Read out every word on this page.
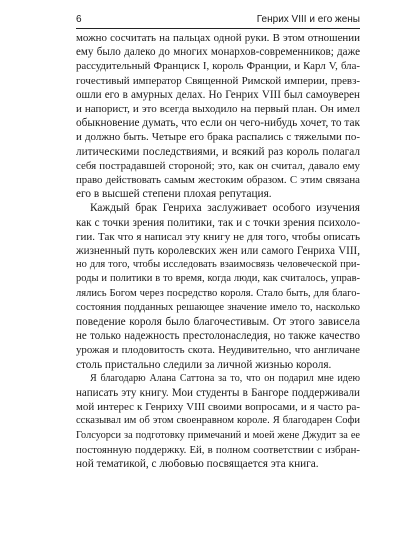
6	Генрих VIII и его жены

можно сосчитать на пальцах одной руки. В этом отношении
ему было далеко до многих монархов-современников; даже
рассудительный Франциск I, король Франции, и Карл V, бла-
гочестивый император Священной Римской империи, превз-
ошли его в амурных делах. Но Генрих VIII был самоуверен
и напорист, и это всегда выходило на первый план. Он имел
обыкновение думать, что если он чего-нибудь хочет, то так
и должно быть. Четыре его брака распались с тяжелыми по-
литическими последствиями, и всякий раз король полагал
себя пострадавшей стороной; это, как он считал, давало ему
право действовать самым жестоким образом. С этим связана
его в высшей степени плохая репутация.

Каждый брак Генриха заслуживает особого изучения
как с точки зрения политики, так и с точки зрения психоло-
гии. Так что я написал эту книгу не для того, чтобы описать
жизненный путь королевских жен или самого Генриха VIII,
но для того, чтобы исследовать взаимосвязь человеческой при-
роды и политики в то время, когда люди, как считалось, управ-
лялись Богом через посредство короля. Стало быть, для благо-
состояния подданных решающее значение имело то, насколько
поведение короля было благочестивым. От этого зависела
не только надежность престолонаследия, но также качество
урожая и плодовитость скота. Неудивительно, что англичане
столь пристально следили за личной жизнью короля.

Я благодарю Алана Саттона за то, что он подарил мне идею
написать эту книгу. Мои студенты в Бангоре поддерживали
мой интерес к Генриху VIII своими вопросами, и я часто ра-
ссказывал им об этом своенравном короле. Я благодарен Софи
Голсуорси за подготовку примечаний и моей жене Джудит за ее
постоянную поддержку. Ей, в полном соответствии с избран-
ной тематикой, с любовью посвящается эта книга.
